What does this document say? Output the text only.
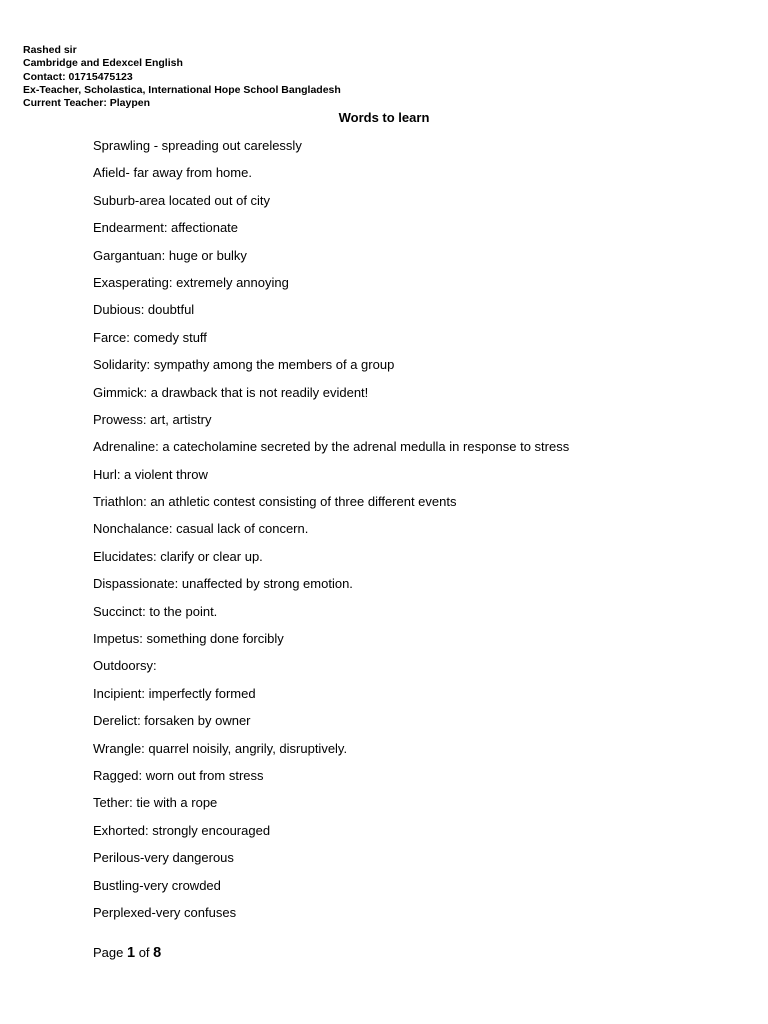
Rashed sir
Cambridge and Edexcel English
Contact: 01715475123
Ex-Teacher, Scholastica, International Hope School Bangladesh
Current Teacher: Playpen
Words to learn
Sprawling - spreading out carelessly
Afield- far away from home.
Suburb-area located out of city
Endearment: affectionate
Gargantuan: huge or bulky
Exasperating: extremely annoying
Dubious: doubtful
Farce: comedy stuff
Solidarity: sympathy among the members of a group
Gimmick: a drawback that is not readily evident!
Prowess: art, artistry
Adrenaline: a catecholamine secreted by the adrenal medulla in response to stress
Hurl: a violent throw
Triathlon: an athletic contest consisting of three different events
Nonchalance: casual lack of concern.
Elucidates: clarify or clear up.
Dispassionate: unaffected by strong emotion.
Succinct: to the point.
Impetus: something done forcibly
Outdoorsy:
Incipient: imperfectly formed
Derelict: forsaken by owner
Wrangle: quarrel noisily, angrily, disruptively.
Ragged: worn out from stress
Tether: tie with a rope
Exhorted: strongly encouraged
Perilous-very dangerous
Bustling-very crowded
Perplexed-very confuses
Page 1 of 8
